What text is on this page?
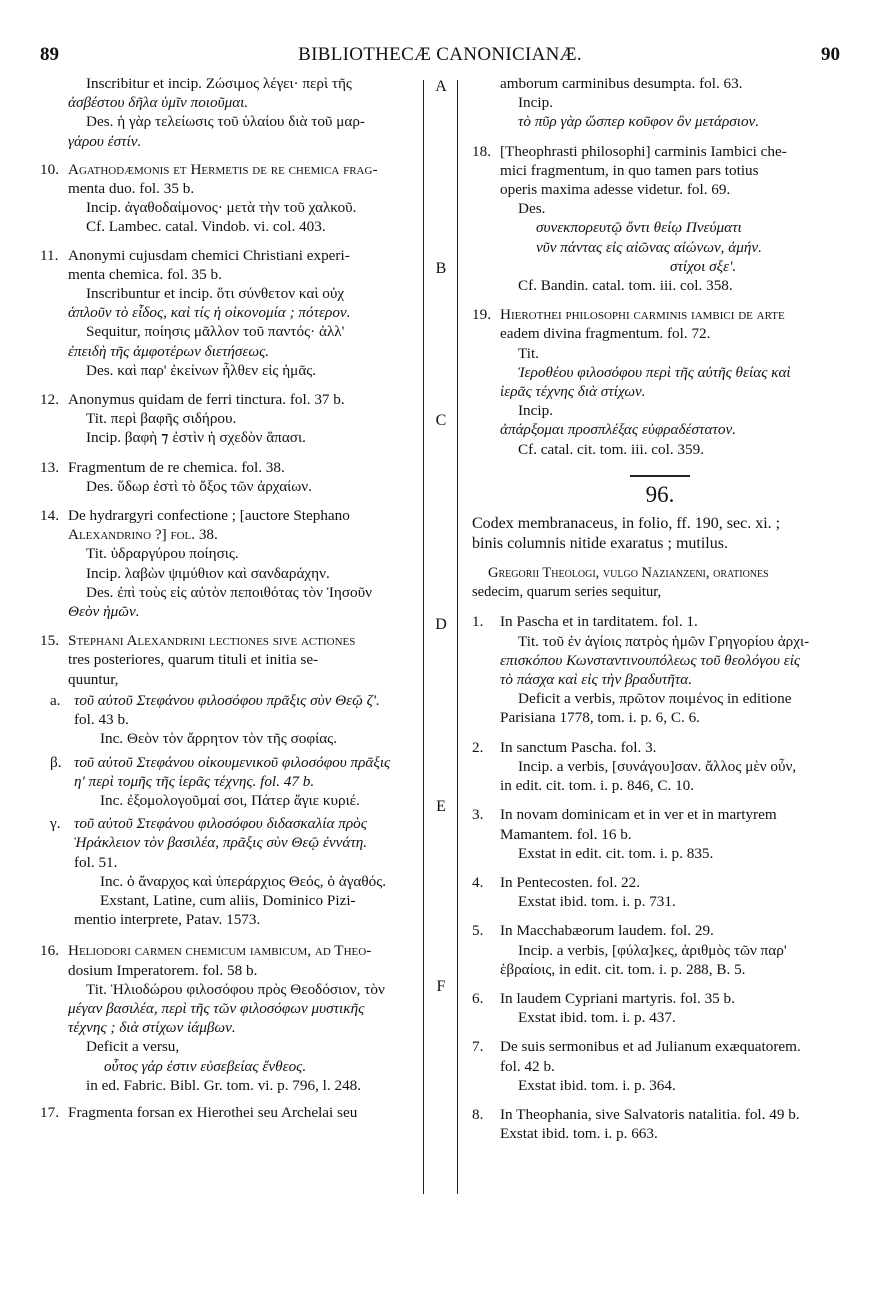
89	BIBLIOTHECÆ CANONICIANÆ.	90
Inscribitur et incip. Ζώσιμος λέγει· περὶ τῆς
ἀσβέστου δῆλα ὑμῖν ποιοῦμαι.
Des. ἡ γὰρ τελείωσις τοῦ ὑλαίου διὰ τοῦ μαρ-
γάρου ἐστίν.
10. Agathodæmonis et Hermetis de re chemica frag-
menta duo. fol. 35 b.
Incip. ἀγαθοδαίμονος· μετὰ τὴν τοῦ χαλκοῦ.
Cf. Lambec. catal. Vindob. vi. col. 403.
11. Anonymi cujusdam chemici Christiani experi-
menta chemica. fol. 35 b.
Inscribuntur et incip. ὅτι σύνθετον καὶ οὐχ
ἁπλοῦν τὸ εἶδος, καὶ τίς ἡ οἰκονομία ; πότερον.
Sequitur, ποίησις μᾶλλον τοῦ παντός· ἀλλ'
ἐπειδὴ τῆς ἀμφοτέρων διετήσεως.
Des. καὶ παρ' ἐκείνων ἦλθεν εἰς ἡμᾶς.
12. Anonymus quidam de ferri tinctura. fol. 37 b.
Tit. περὶ βαφῆς σιδήρου.
Incip. βαφὴ ⁊ ἐστὶν ἡ σχεδὸν ἅπασι.
13. Fragmentum de re chemica. fol. 38.
Des. ὕδωρ ἐστὶ τὸ ὄξος τῶν ἀρχαίων.
14. De hydrargyri confectione ; [auctore Stephano
Alexandrino ?] fol. 38.
Tit. ὑδραργύρου ποίησις.
Incip. λαβὼν ψιμύθιον καὶ σανδαράχην.
Des. ἐπὶ τοὺς εἰς αὐτὸν πεποιθότας τὸν Ἰησοῦν
Θεὸν ἡμῶν.
15. Stephani Alexandrini lectiones sive actiones
tres posteriores, quarum tituli et initia se-
quuntur,
a. τοῦ αὐτοῦ Στεφάνου φιλοσόφου πρᾶξις σὺν Θεῷ ζ'.
fol. 43 b.
Inc. Θεὸν τὸν ἄρρητον τὸν τῆς σοφίας.
β. τοῦ αὐτοῦ Στεφάνου οἰκουμενικοῦ φιλοσόφου πρᾶξις
η' περὶ τομῆς τῆς ἱερᾶς τέχνης. fol. 47 b.
Inc. ἐξομολογοῦμαί σοι, Πάτερ ἅγιε κυριέ.
γ. τοῦ αὐτοῦ Στεφάνου φιλοσόφου διδασκαλία πρὸς
Ἡράκλειον τὸν βασιλέα, πρᾶξις σὺν Θεῷ ἐννάτη.
fol. 51.
Inc. ὁ ἄναρχος καὶ ὑπεράρχιος Θεός, ὁ ἀγαθός.
Exstant, Latine, cum aliis, Dominico Pizi-
mentio interprete, Patav. 1573.
16. Heliodori carmen chemicum iambicum, ad Theo-
dosium Imperatorem. fol. 58 b.
Tit. Ἡλιοδώρου φιλοσόφου πρὸς Θεοδόσιον, τὸν
μέγαν βασιλέα, περὶ τῆς τῶν φιλοσόφων μυστικῆς
τέχνης ; διὰ στίχων ἰάμβων.
Deficit a versu,
οὗτος γάρ ἐστιν εὐσεβείας ἔνθεος.
in ed. Fabric. Bibl. Gr. tom. vi. p. 796, l. 248.
17. Fragmenta forsan ex Hierothei seu Archelai seu
A
B
C
D
E
F
amborum carminibus desumpta. fol. 63.
Incip.
τὸ πῦρ γὰρ ὥσπερ κοῦφον ὂν μετάρσιον.
18. [Theophrasti philosophi] carminis Iambici che-
mici fragmentum, in quo tamen pars totius
operis maxima adesse videtur. fol. 69.
Des.
συνεκπορευτῷ ὄντι θείῳ Πνεύματι
νῦν πάντας εἰς αἰῶνας αἰώνων, ἀμήν.
στίχοι σξε'.
Cf. Bandin. catal. tom. iii. col. 358.
19. Hierothei philosophi carminis iambici de arte
eadem divina fragmentum. fol. 72.
Tit.
Ἱεροθέου φιλοσόφου περὶ τῆς αὐτῆς θείας καὶ
ἱερᾶς τέχνης διὰ στίχων.
Incip.
ἀπάρξομαι προσπλέξας εὐφραδέστατον.
Cf. catal. cit. tom. iii. col. 359.
96.
Codex membranaceus, in folio, ff. 190, sec. xi. ;
binis columnis nitide exaratus ; mutilus.
Gregorii Theologi, vulgo Nazianzeni, orationes
sedecim, quarum series sequitur,
1.	In Pascha et in tarditatem. fol. 1.
Tit. τοῦ ἐν ἁγίοις πατρὸς ἡμῶν Γρηγορίου ἀρχι-
επισκόπου Κωνσταντινουπόλεως τοῦ θεολόγου εἰς
τὸ πάσχα καὶ εἰς τὴν βραδυτῆτα.
Deficit a verbis, πρῶτον ποιμένος in editione
Parisiana 1778, tom. i. p. 6, C. 6.
2.	In sanctum Pascha. fol. 3.
Incip. a verbis, [συνάγου]σαν. ἄλλος μὲν οὖν,
in edit. cit. tom. i. p. 846, C. 10.
3.	In novam dominicam et in ver et in martyrem
Mamantem. fol. 16 b.
Exstat in edit. cit. tom. i. p. 835.
4.	In Pentecosten. fol. 22.
Exstat ibid. tom. i. p. 731.
5.	In Macchabæorum laudem. fol. 29.
Incip. a verbis, [φύλα]κες, ἀριθμὸς τῶν παρ'
ἑβραίοις, in edit. cit. tom. i. p. 288, B. 5.
6.	In laudem Cypriani martyris. fol. 35 b.
Exstat ibid. tom. i. p. 437.
7.	De suis sermonibus et ad Julianum exæquatorem.
fol. 42 b.
Exstat ibid. tom. i. p. 364.
8.	In Theophania, sive Salvatoris natalitia. fol. 49 b.
Exstat ibid. tom. i. p. 663.
